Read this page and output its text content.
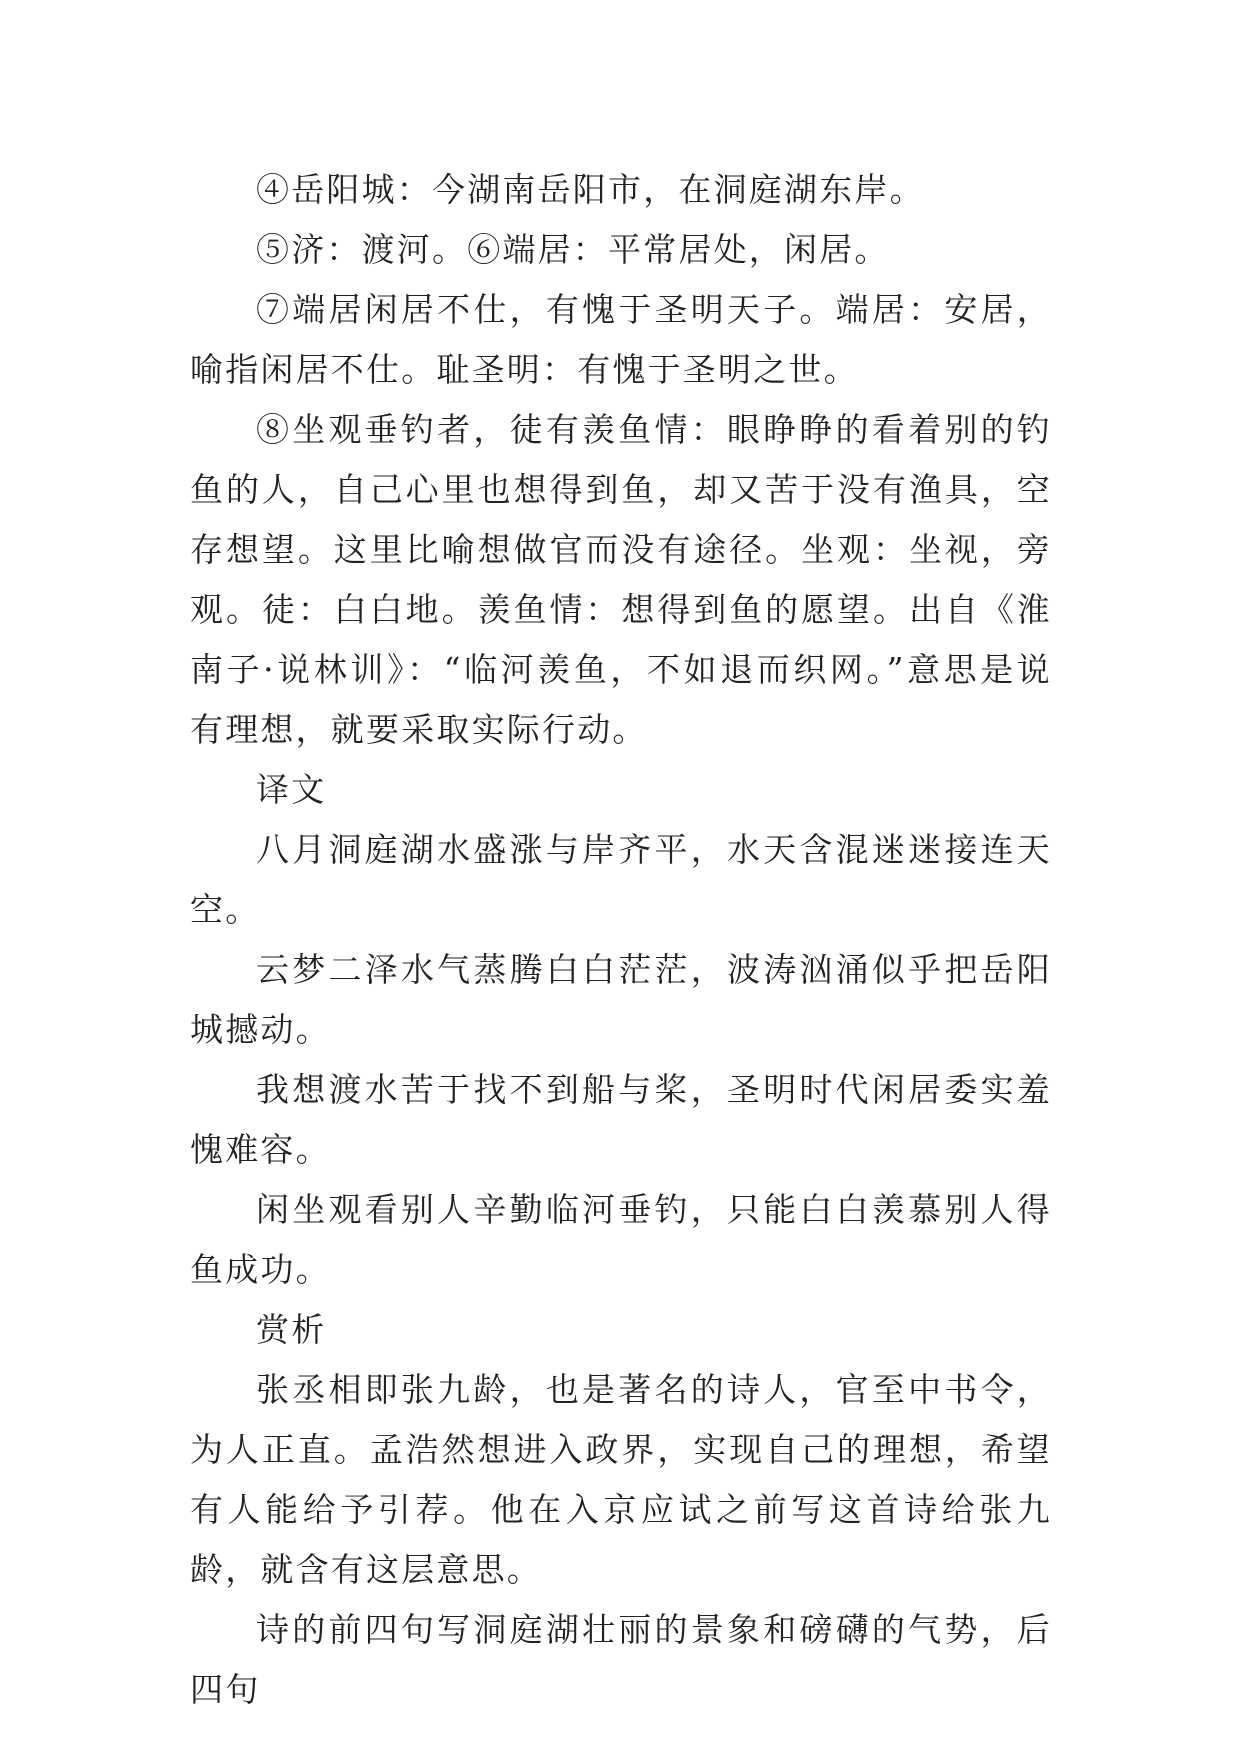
④岳阳城：今湖南岳阳市，在洞庭湖东岸。

⑤济：渡河。⑥端居：平常居处，闲居。

⑦端居闲居不仕，有愧于圣明天子。端居：安居，喻指闲居不仕。耻圣明：有愧于圣明之世。

⑧坐观垂钓者，徒有羡鱼情：眼睁睁的看着别的钓鱼的人，自己心里也想得到鱼，却又苦于没有渔具，空存想望。这里比喻想做官而没有途径。坐观：坐视，旁观。徒：白白地。羡鱼情：想得到鱼的愿望。出自《淮南子·说林训》：“临河羡鱼，不如退而织网。”意思是说有理想，就要采取实际行动。

译文

八月洞庭湖水盛涨与岸齐平，水天含混迷迷接连天空。

云梦二泽水气蒸腾白白茫茫，波涛汹涌似乎把岳阳城撼动。

我想渡水苦于找不到船与桨，圣明时代闲居委实羞愧难容。

闲坐观看别人辛勤临河垂钓，只能白白羡慕别人得鱼成功。

赏析

张丞相即张九龄，也是著名的诗人，官至中书令，为人正直。孟浩然想进入政界，实现自己的理想，希望有人能给予引荐。他在入京应试之前写这首诗给张九龄，就含有这层意思。

诗的前四句写洞庭湖壮丽的景象和磅礴的气势，后四句
